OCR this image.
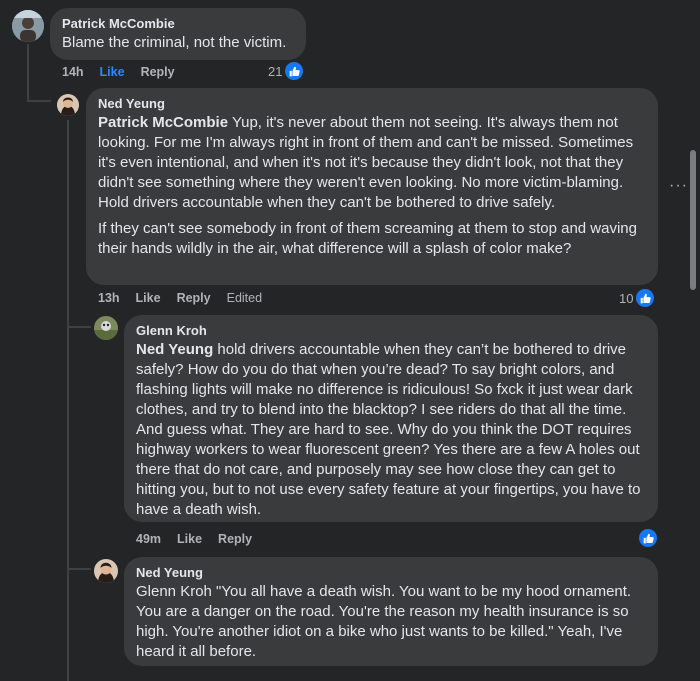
Patrick McCombie
Blame the criminal, not the victim.
14h Like Reply	21
Ned Yeung

Patrick McCombie Yup, it's never about them not seeing. It's always them not looking. For me I'm always right in front of them and can't be missed. Sometimes it's even intentional, and when it's not it's because they didn't look, not that they didn't see something where they weren't even looking. No more victim-blaming. Hold drivers accountable when they can't be bothered to drive safely.

If they can't see somebody in front of them screaming at them to stop and waving their hands wildly in the air, what difference will a splash of color make?

···
13h Like Reply Edited	10
Glenn Kroh

Ned Yeung hold drivers accountable when they can’t be bothered to drive safely? How do you do that when you’re dead? To say bright colors, and flashing lights will make no difference is ridiculous! So fxck it just wear dark clothes, and try to blend into the blacktop? I see riders do that all the time. And guess what. They are hard to see. Why do you think the DOT requires highway workers to wear fluorescent green? Yes there are a few A holes out there that do not care, and purposely may see how close they can get to hitting you, but to not use every safety feature at your fingertips, you have to have a death wish.

49m Like Reply
Ned Yeung
Glenn Kroh "You all have a death wish. You want to be my hood ornament. You are a danger on the road. You're the reason my health insurance is so high. You're another idiot on a bike who just wants to be killed." Yeah, I've heard it all before.
